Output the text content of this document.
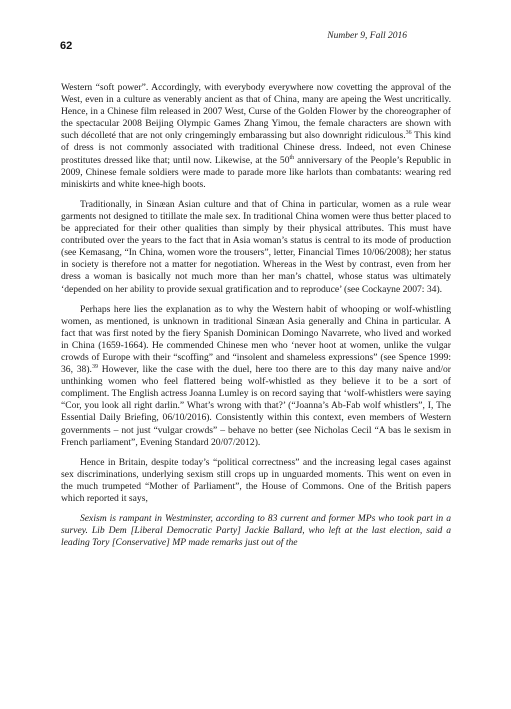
Number 9, Fall 2016
62

Western “soft power”. Accordingly, with everybody everywhere now covetting the approval of the West, even in a culture as venerably ancient as that of China, many are apeing the West uncritically. Hence, in a Chinese film released in 2007 West, Curse of the Golden Flower by the choreographer of the spectacular 2008 Beijing Olympic Games Zhang Yimou, the female characters are shown with such décolleté that are not only cringemingly embarassing but also downright ridiculous.$^{36}$ This kind of dress is not commonly associated with traditional Chinese dress. Indeed, not even Chinese prostitutes dressed like that; until now. Likewise, at the 50th anniversary of the People’s Republic in 2009, Chinese female soldiers were made to parade more like harlots than combatants: wearing red miniskirts and white knee-high boots.

Traditionally, in Sinæan Asian culture and that of China in particular, women as a rule wear garments not designed to titillate the male sex. In traditional China women were thus better placed to be appreciated for their other qualities than simply by their physical attributes. This must have contributed over the years to the fact that in Asia woman’s status is central to its mode of production (see Kemasang, “In China, women wore the trousers”, letter, Financial Times 10/06/2008); her status in society is therefore not a matter for negotiation. Whereas in the West by contrast, even from her dress a woman is basically not much more than her man’s chattel, whose status was ultimately ‘depended on her ability to provide sexual gratification and to reproduce’ (see Cockayne 2007: 34).

Perhaps here lies the explanation as to why the Western habit of whooping or wolf-whistling women, as mentioned, is unknown in traditional Sinæan Asia generally and China in particular. A fact that was first noted by the fiery Spanish Dominican Domingo Navarrete, who lived and worked in China (1659-1664). He commended Chinese men who ‘never hoot at women, unlike the vulgar crowds of Europe with their “scoffing” and “insolent and shameless expressions” (see Spence 1999: 36, 38).$^{39}$ However, like the case with the duel, here too there are to this day many naive and/or unthinking women who feel flattered being wolf-whistled as they believe it to be a sort of compliment. The English actress Joanna Lumley is on record saying that ‘wolf-whistlers were saying “Cor, you look all right darlin.” What’s wrong with that?’ (“Joanna’s Ab-Fab wolf whistlers”, I, The Essential Daily Briefing, 06/10/2016). Consistently within this context, even members of Western governments – not just “vulgar crowds” – behave no better (see Nicholas Cecil “A bas le sexism in French parliament”, Evening Standard 20/07/2012).

Hence in Britain, despite today’s “political correctness” and the increasing legal cases against sex discriminations, underlying sexism still crops up in unguarded moments. This went on even in the much trumpeted “Mother of Parliament”, the House of Commons. One of the British papers which reported it says,

Sexism is rampant in Westminster, according to 83 current and former MPs who took part in a survey. Lib Dem [Liberal Democratic Party] Jackie Ballard, who left at the last election, said a leading Tory [Conservative] MP made remarks just out of the
